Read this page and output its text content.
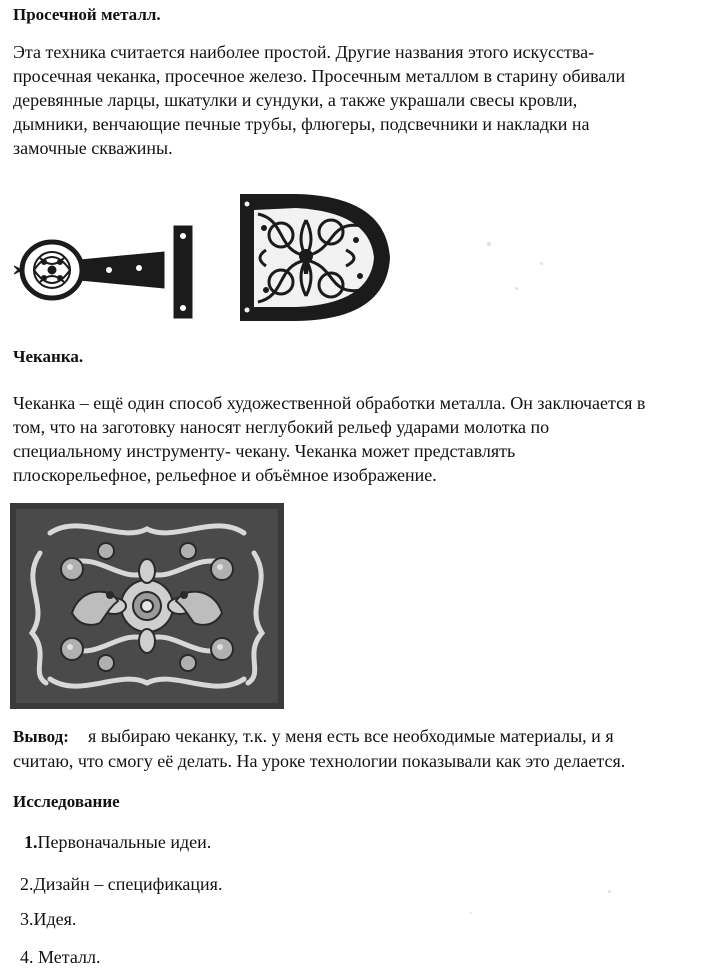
Просечной металл.
Эта техника считается наиболее простой. Другие названия этого искусства-
просечная чеканка, просечное железо. Просечным металлом в старину обивали
деревянные ларцы, шкатулки и сундуки, а также украшали свесы кровли,
дымники, венчающие печные трубы, флюгеры, подсвечники и накладки на
замочные скважины.
Чеканка.
Чеканка – ещё один способ художественной обработки металла. Он заключается в
том, что на заготовку наносят неглубокий рельеф ударами молотка по
специальному инструменту- чекану. Чеканка может представлять
плоскорельефное, рельефное и объёмное изображение.
Вывод: я выбираю чеканку, т.к. у меня есть все необходимые материалы, и я
считаю, что смогу её делать. На уроке технологии показывали как это делается.
Исследование
1.Первоначальные идеи.
2.Дизайн – спецификация.
3.Идея.
4. Металл.
